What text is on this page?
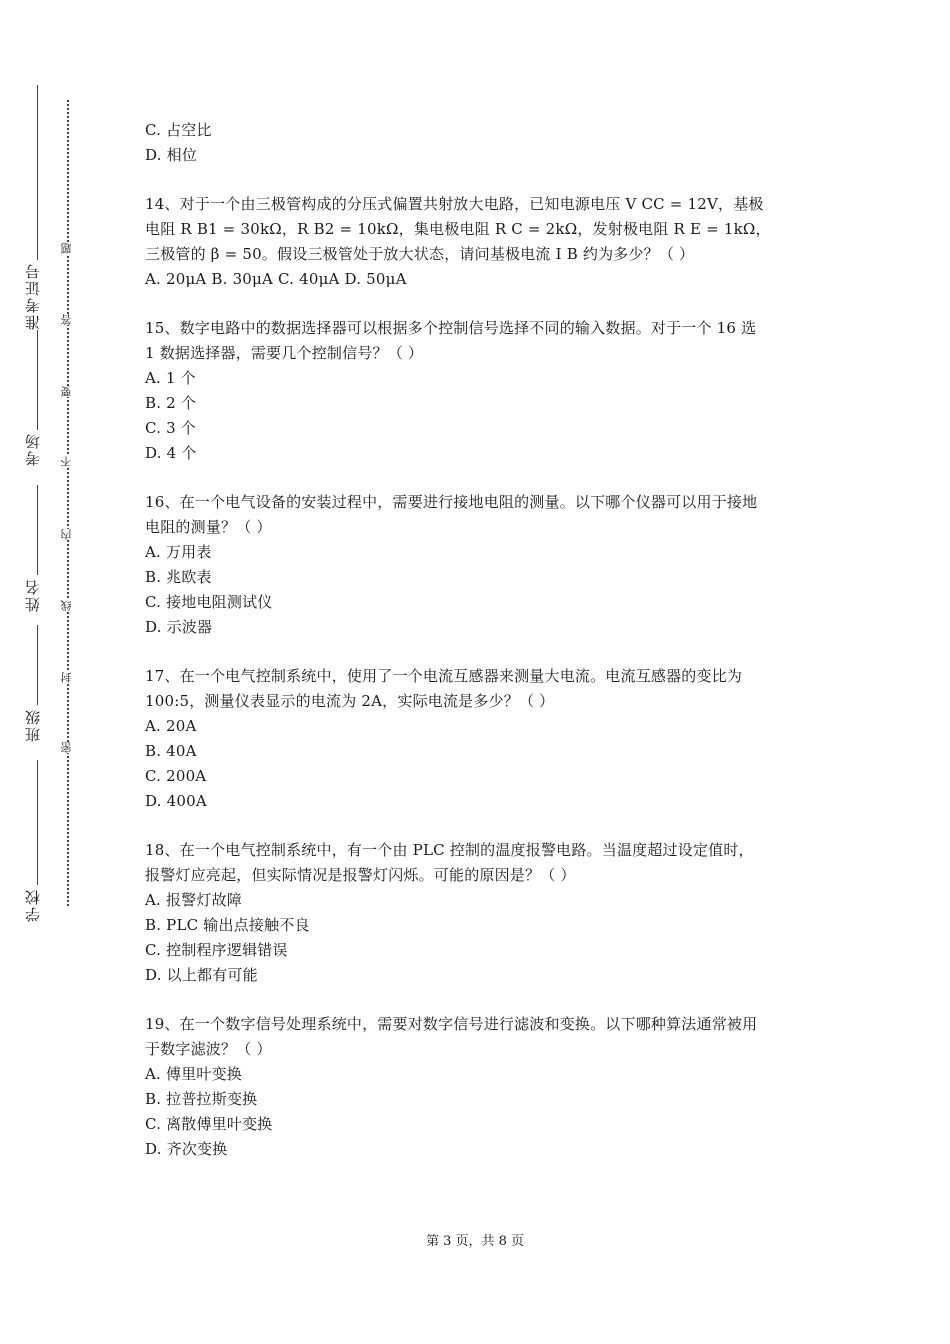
准考证号
考场
姓名
班级
学校
题
答
要
不
内
线
封
密
C. 占空比
D. 相位
14、对于一个由三极管构成的分压式偏置共射放大电路，已知电源电压 V CC = 12V，基极
电阻 R B1 = 30kΩ，R B2 = 10kΩ，集电极电阻 R C = 2kΩ，发射极电阻 R E = 1kΩ，
三极管的 β = 50。假设三极管处于放大状态，请问基极电流 I B 约为多少？（ ）
A. 20μA B. 30μA C. 40μA D. 50μA
15、数字电路中的数据选择器可以根据多个控制信号选择不同的输入数据。对于一个 16 选
1 数据选择器，需要几个控制信号？（ ）
A. 1 个
B. 2 个
C. 3 个
D. 4 个
16、在一个电气设备的安装过程中，需要进行接地电阻的测量。以下哪个仪器可以用于接地
电阻的测量？（ ）
A. 万用表
B. 兆欧表
C. 接地电阻测试仪
D. 示波器
17、在一个电气控制系统中，使用了一个电流互感器来测量大电流。电流互感器的变比为
100:5，测量仪表显示的电流为 2A，实际电流是多少？（ ）
A. 20A
B. 40A
C. 200A
D. 400A
18、在一个电气控制系统中，有一个由 PLC 控制的温度报警电路。当温度超过设定值时，
报警灯应亮起，但实际情况是报警灯闪烁。可能的原因是？（ ）
A. 报警灯故障
B. PLC 输出点接触不良
C. 控制程序逻辑错误
D. 以上都有可能
19、在一个数字信号处理系统中，需要对数字信号进行滤波和变换。以下哪种算法通常被用
于数字滤波？（ ）
A. 傅里叶变换
B. 拉普拉斯变换
C. 离散傅里叶变换
D. 齐次变换
第 3 页，共 8 页
